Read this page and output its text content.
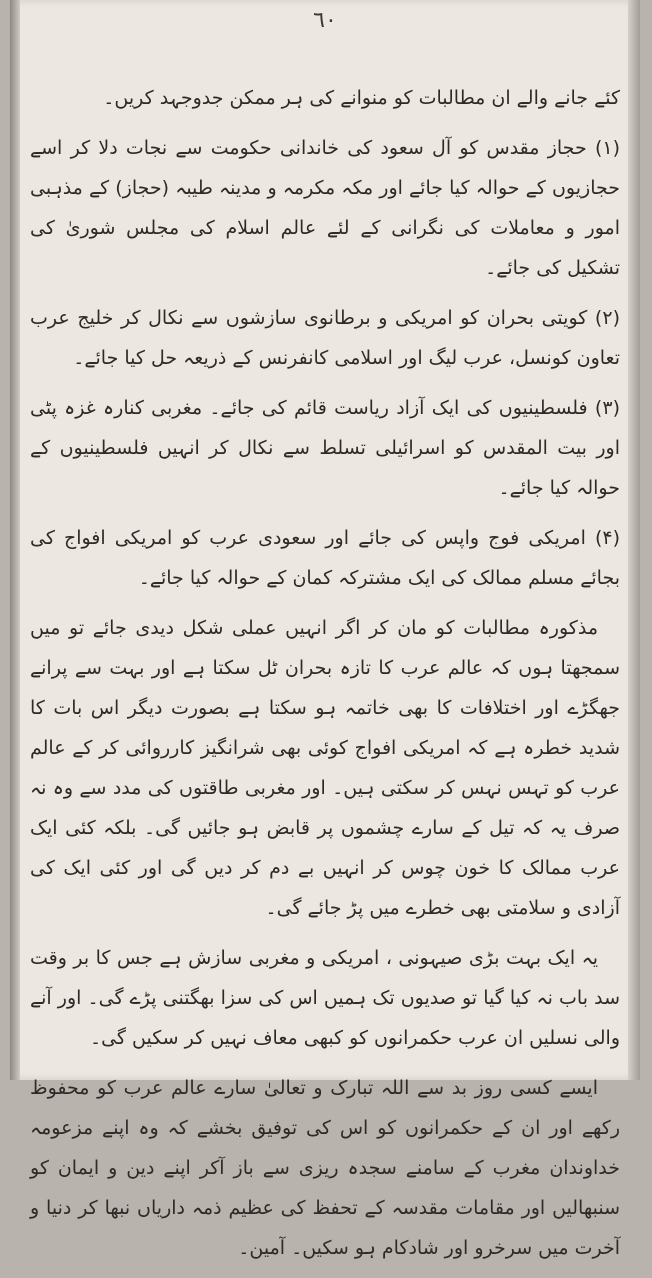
٦٠

کئے جانے والے ان مطالبات کو منوانے کی ہر ممکن جدوجہد کریں۔

(۱) حجاز مقدس کو آل سعود کی خاندانی حکومت سے نجات دلا کر اسے حجازیوں کے حوالہ کیا جائے اور مکہ مکرمہ و مدینہ طیبہ (حجاز) کے مذہبی امور و معاملات کی نگرانی کے لئے عالم اسلام کی مجلس شوریٰ کی تشکیل کی جائے۔

(۲) کویتی بحران کو امریکی و برطانوی سازشوں سے نکال کر خلیج عرب تعاون کونسل، عرب لیگ اور اسلامی کانفرنس کے ذریعہ حل کیا جائے۔

(۳) فلسطینیوں کی ایک آزاد ریاست قائم کی جائے۔ مغربی کنارہ غزہ پٹی اور بیت المقدس کو اسرائیلی تسلط سے نکال کر انہیں فلسطینیوں کے حوالہ کیا جائے۔

(۴) امریکی فوج واپس کی جائے اور سعودی عرب کو امریکی افواج کی بجائے مسلم ممالک کی ایک مشترکہ کمان کے حوالہ کیا جائے۔

مذکورہ مطالبات کو مان کر اگر انہیں عملی شکل دیدی جائے تو میں سمجھتا ہوں کہ عالم عرب کا تازہ بحران ٹل سکتا ہے اور بہت سے پرانے جھگڑے اور اختلافات کا بھی خاتمہ ہو سکتا ہے بصورت دیگر اس بات کا شدید خطرہ ہے کہ امریکی افواج کوئی بھی شرانگیز کارروائی کر کے عالم عرب کو تہس نہس کر سکتی ہیں۔ اور مغربی طاقتوں کی مدد سے وہ نہ صرف یہ کہ تیل کے سارے چشموں پر قابض ہو جائیں گی۔ بلکہ کئی ایک عرب ممالک کا خون چوس کر انہیں بے دم کر دیں گی اور کئی ایک کی آزادی و سلامتی بھی خطرے میں پڑ جائے گی۔

یہ ایک بہت بڑی صیہونی ، امریکی و مغربی سازش ہے جس کا بر وقت سد باب نہ کیا گیا تو صدیوں تک ہمیں اس کی سزا بھگتنی پڑے گی۔ اور آنے والی نسلیں ان عرب حکمرانوں کو کبھی معاف نہیں کر سکیں گی۔

ایسے کسی روز بد سے اللہ تبارک و تعالیٰ سارے عالم عرب کو محفوظ رکھے اور ان کے حکمرانوں کو اس کی توفیق بخشے کہ وہ اپنے مزعومہ خداوندان مغرب کے سامنے سجدہ ریزی سے باز آکر اپنے دین و ایمان کو سنبھالیں اور مقامات مقدسہ کے تحفظ کی عظیم ذمہ داریاں نبھا کر دنیا و آخرت میں سرخرو اور شادکام ہو سکیں۔ آمین۔
